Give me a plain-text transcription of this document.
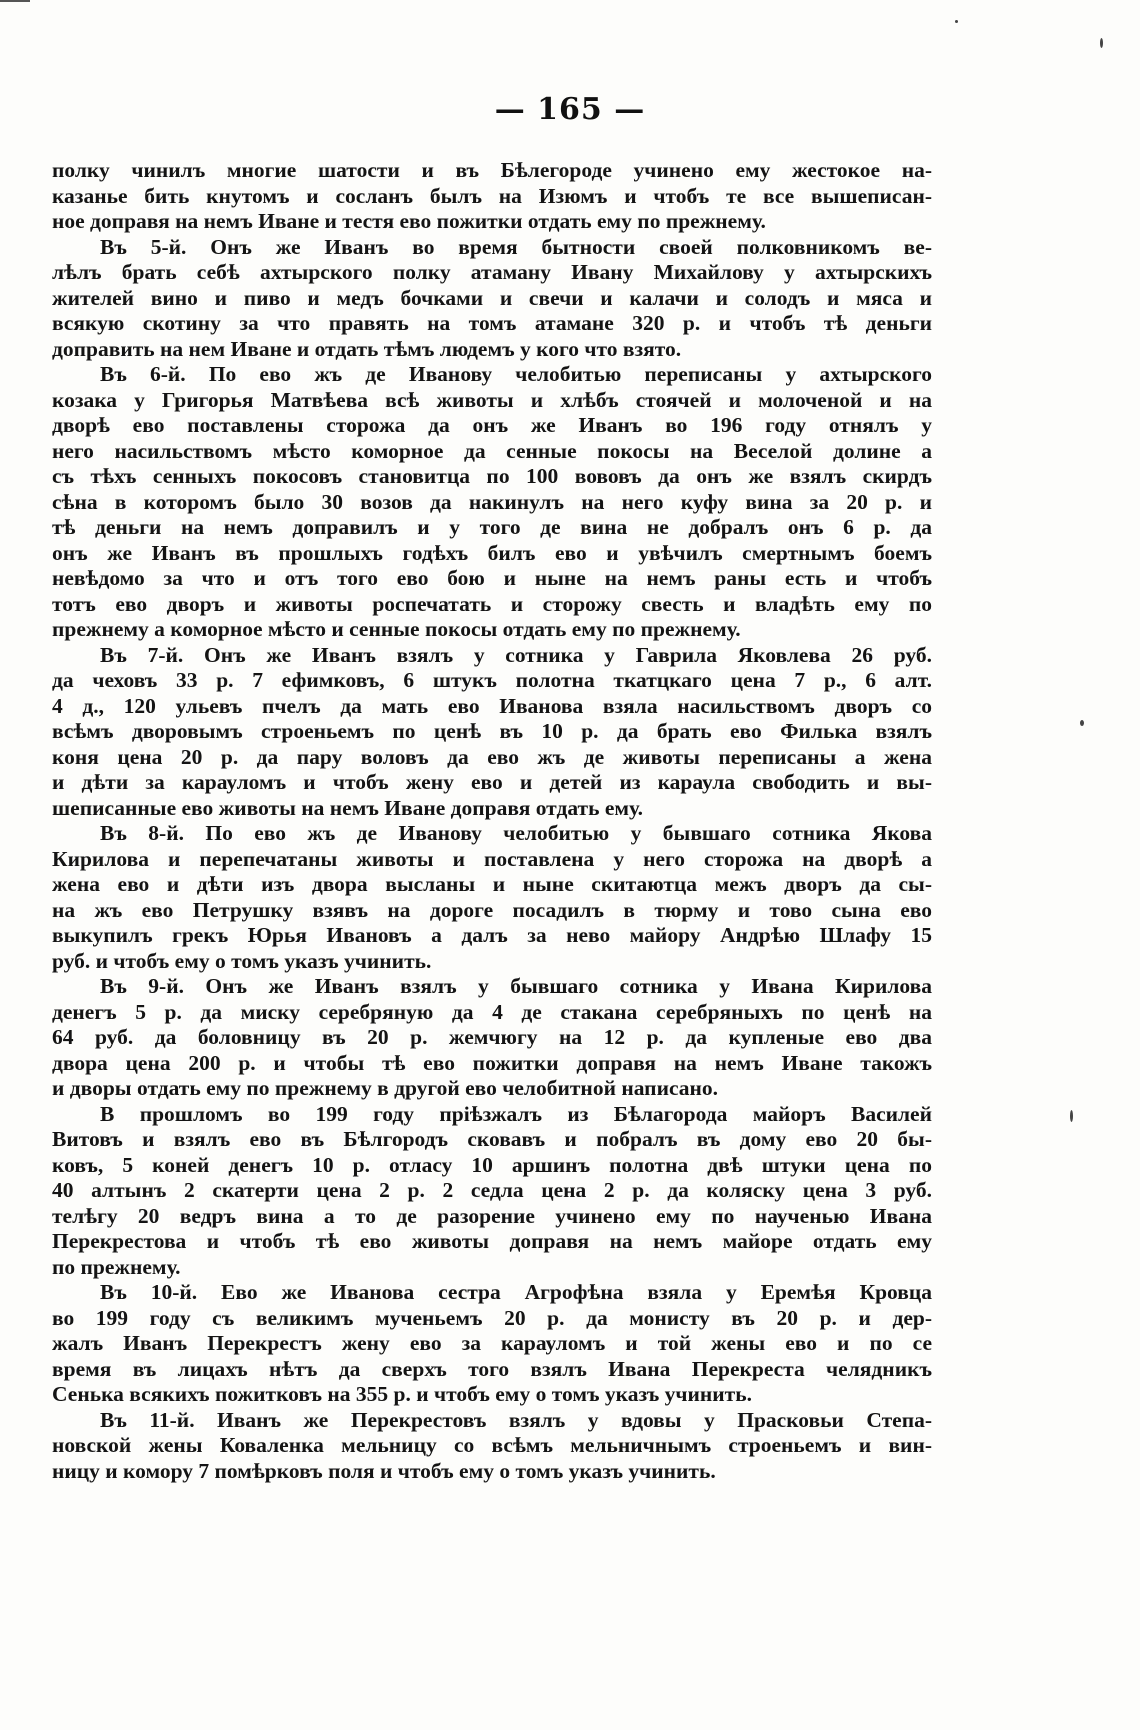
— 165 —
полку чинилъ многие шатости и въ Бѣлегороде учинено ему жестокое на-
казанье бить кнутомъ и сосланъ былъ на Изюмъ и чтобъ те все вышеписан-
ное доправя на немъ Иване и тестя ево пожитки отдать ему по прежнему.
Въ 5-й. Онъ же Иванъ во время бытности своей полковникомъ ве-
лѣлъ брать себѣ ахтырского полку атаману Ивану Михайлову у ахтырскихъ
жителей вино и пиво и медъ бочками и свечи и калачи и солодъ и мяса и
всякую скотину за что правять на томъ атамане 320 р. и чтобъ тѣ деньги
доправить на нем Иване и отдать тѣмъ людемъ у кого что взято.
Въ 6-й. По ево жъ де Иванову челобитью переписаны у ахтырского
козака у Григорья Матвѣева всѣ животы и хлѣбъ стоячей и молоченой и на
дворѣ ево поставлены сторожа да онъ же Иванъ во 196 году отнялъ у
него насильствомъ мѣсто коморное да сенные покосы на Веселой долине а
съ тѣхъ сенныхъ покосовъ становитца по 100 вововъ да онъ же взялъ скирдъ
сѣна в которомъ было 30 возов да накинулъ на него куфу вина за 20 р. и
тѣ деньги на немъ доправилъ и у того де вина не добралъ онъ 6 р. да
онъ же Иванъ въ прошлыхъ годѣхъ билъ ево и увѣчилъ смертнымъ боемъ
невѣдомо за что и отъ того ево бою и ныне на немъ раны есть и чтобъ
тотъ ево дворъ и животы роспечатать и сторожу свесть и владѣть ему по
прежнему а коморное мѣсто и сенные покосы отдать ему по прежнему.
Въ 7-й. Онъ же Иванъ взялъ у сотника у Гаврила Яковлева 26 руб.
да чеховъ 33 р. 7 ефимковъ, 6 штукъ полотна ткатцкаго цена 7 р., 6 алт.
4 д., 120 ульевъ пчелъ да мать ево Иванова взяла насильствомъ дворъ со
всѣмъ дворовымъ строеньемъ по ценѣ въ 10 р. да брать ево Филька взялъ
коня цена 20 р. да пару воловъ да ево жъ де животы переписаны а жена
и дѣти за карауломъ и чтобъ жену ево и детей из караула свободить и вы-
шеписанные ево животы на немъ Иване доправя отдать ему.
Въ 8-й. По ево жъ де Иванову челобитью у бывшаго сотника Якова
Кирилова и перепечатаны животы и поставлена у него сторожа на дворѣ а
жена ево и дѣти изъ двора высланы и ныне скитаютца межъ дворъ да сы-
на жъ ево Петрушку взявъ на дороге посадилъ в тюрму и тово сына ево
выкупилъ грекъ Юрья Ивановъ а далъ за нево майору Андрѣю Шлафу 15
руб. и чтобъ ему о томъ указъ учинить.
Въ 9-й. Онъ же Иванъ взялъ у бывшаго сотника у Ивана Кирилова
денегъ 5 р. да миску серебряную да 4 де стакана серебряныхъ по ценѣ на
64 руб. да боловницу въ 20 р. жемчюгу на 12 р. да купленые ево два
двора цена 200 р. и чтобы тѣ ево пожитки доправя на немъ Иване такожъ
и дворы отдать ему по прежнему в другой ево челобитной написано.
В прошломъ во 199 году прiѣзжалъ из Бѣлагорода майоръ Василей
Витовъ и взялъ ево въ Бѣлгородъ сковавъ и побралъ въ дому ево 20 бы-
ковъ, 5 коней денегъ 10 р. отласу 10 аршинъ полотна двѣ штуки цена по
40 алтынъ 2 скатерти цена 2 р. 2 седла цена 2 р. да коляску цена 3 руб.
телѣгу 20 ведръ вина а то де разорение учинено ему по наученью Ивана
Перекрестова и чтобъ тѣ ево животы доправя на немъ майоре отдать ему
по прежнему.
Въ 10-й. Ево же Иванова сестра Агрофѣна взяла у Еремѣя Кровца
во 199 году съ великимъ мученьемъ 20 р. да монисту въ 20 р. и дер-
жалъ Иванъ Перекрестъ жену ево за карауломъ и той жены ево и по се
время въ лицахъ нѣтъ да сверхъ того взялъ Ивана Перекреста челядникъ
Сенька всякихъ пожитковъ на 355 р. и чтобъ ему о томъ указъ учинить.
Въ 11-й. Иванъ же Перекрестовъ взялъ у вдовы у Прасковьи Степа-
новской жены Коваленка мельницу со всѣмъ мельничнымъ строеньемъ и вин-
ницу и комору 7 помѣрковъ поля и чтобъ ему о томъ указъ учинить.
